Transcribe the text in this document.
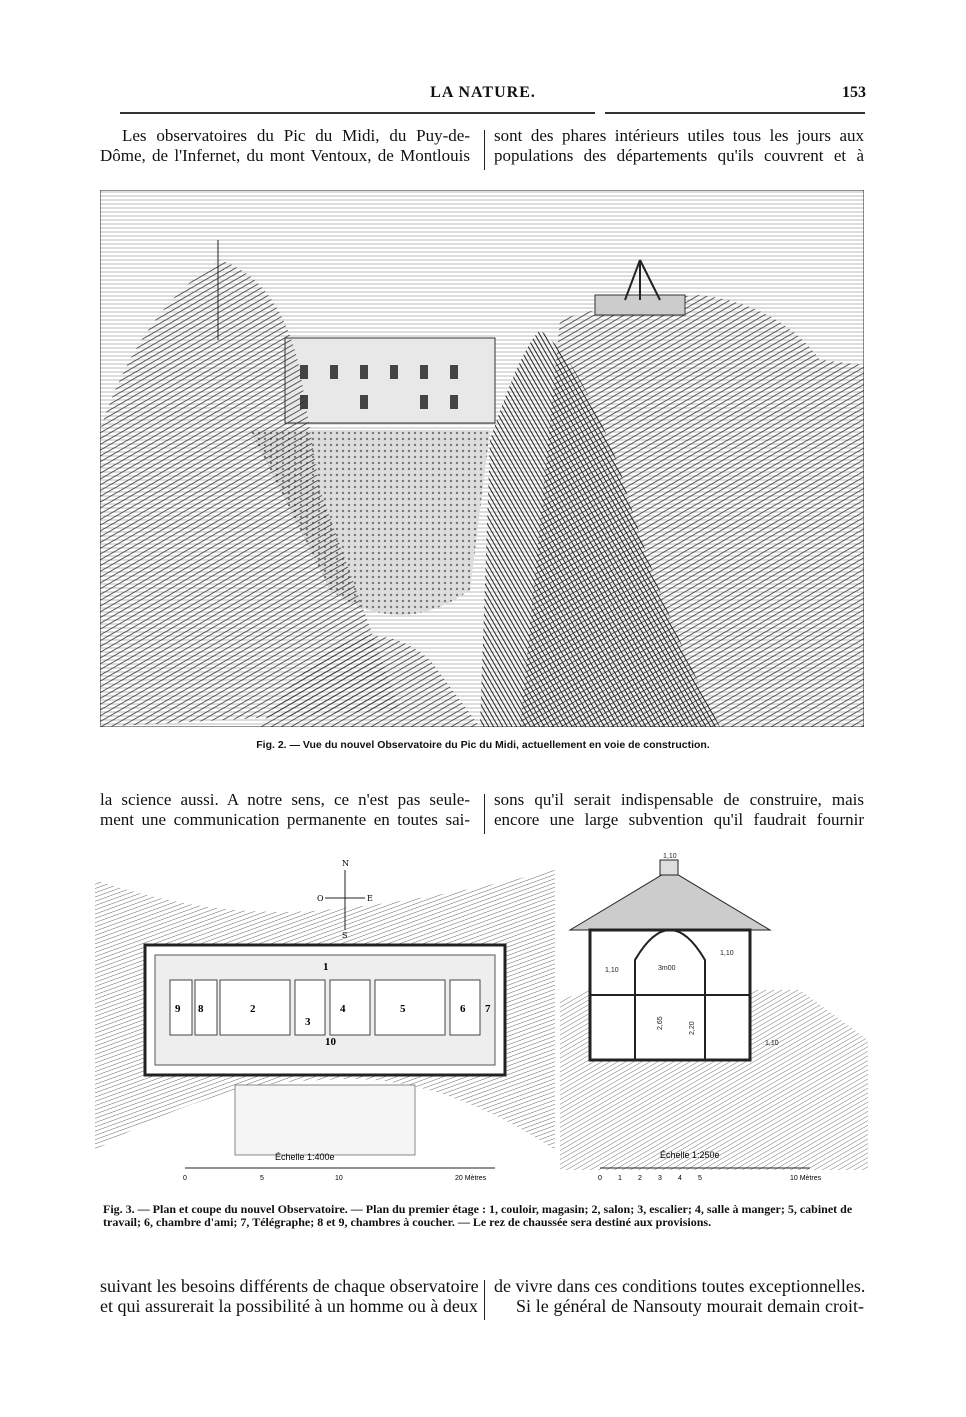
LA NATURE.	153
Les observatoires du Pic du Midi, du Puy-de-
Dôme, de l'Infernet, du mont Ventoux, de Montlouis
sont des phares intérieurs utiles tous les jours aux
populations des départements qu'ils couvrent et à
Fig. 2. — Vue du nouvel Observatoire du Pic du Midi, actuellement en voie de construction.
la science aussi. A notre sens, ce n'est pas seule-
ment une communication permanente en toutes sai-
sons qu'il serait indispensable de construire, mais
encore une large subvention qu'il faudrait fournir
N
S
O	E
1
2
3
4	5	6 7
8
9
10
Échelle 1:400e
0	5	10	20 Mètres
1,10
3m00
1,10
1,10
2,65	2,20
1,10
Échelle 1:250e
0 1 2 3 4 5	10 Mètres
Fig. 3. — Plan et coupe du nouvel Observatoire. — Plan du premier étage : 1, couloir, magasin; 2, salon; 3, escalier; 4, salle à manger; 5, cabinet de travail; 6, chambre d'ami; 7, Télégraphe; 8 et 9, chambres à coucher. — Le rez de chaussée sera destiné aux provisions.
suivant les besoins différents de chaque observatoire
et qui assurerait la possibilité à un homme ou à deux
de vivre dans ces conditions toutes exceptionnelles.
Si le général de Nansouty mourait demain croit-
